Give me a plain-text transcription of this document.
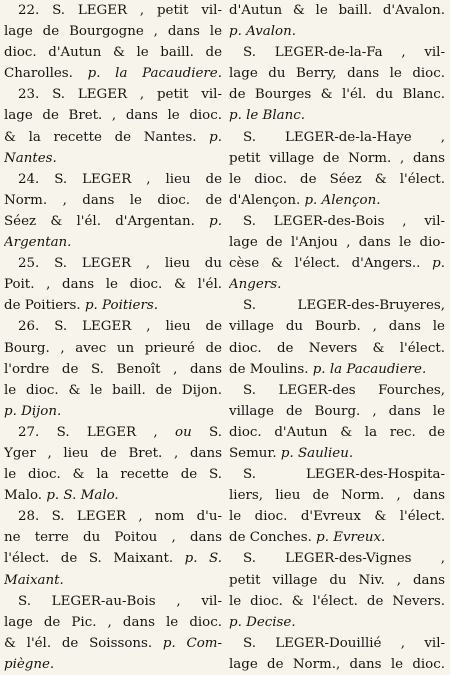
22. S. LEGER , petit vil-
lage de Bourgogne , dans le
dioc. d'Autun & le baill. de
Charolles. p. la Pacaudiere.
23. S. LEGER , petit vil-
lage de Bret. , dans le dioc.
& la recette de Nantes. p.
Nantes.
24. S. LEGER , lieu de
Norm. , dans le dioc. de
Séez & l'él. d'Argentan. p.
Argentan.
25. S. LEGER , lieu du
Poit. , dans le dioc. & l'él.
de Poitiers. p. Poitiers.
26. S. LEGER , lieu de
Bourg. , avec un prieuré de
l'ordre de S. Benoît , dans
le dioc. & le baill. de Dijon.
p. Dijon.
27. S. LEGER , ou S.
Yger , lieu de Bret. , dans
le dioc. & la recette de S.
Malo. p. S. Malo.
28. S. LEGER , nom d'u-
ne terre du Poitou , dans
l'élect. de S. Maixant. p. S.
Maixant.
S. LEGER-au-Bois , vil-
lage de Pic. , dans le dioc.
& l'él. de Soissons. p. Com-
piègne.
d'Autun & le baill. d'Avalon.
p. Avalon.
S. LEGER-de-la-Fa , vil-
lage du Berry, dans le dioc.
de Bourges & l'él. du Blanc.
p. le Blanc.
S. LEGER-de-la-Haye ,
petit village de Norm. , dans
le dioc. de Séez & l'élect.
d'Alençon. p. Alençon.
S. LEGER-des-Bois , vil-
lage de l'Anjou , dans le dio-
cèse & l'élect. d'Angers.. p.
Angers.
S. LEGER-des-Bruyeres,
village du Bourb. , dans le
dioc. de Nevers & l'élect.
de Moulins. p. la Pacaudiere.
S. LEGER-des Fourches,
village de Bourg. , dans le
dioc. d'Autun & la rec. de
Semur. p. Saulieu.
S. LEGER-des-Hospita-
liers, lieu de Norm. , dans
le dioc. d'Evreux & l'élect.
de Conches. p. Evreux.
S. LEGER-des-Vignes ,
petit village du Niv. , dans
le dioc. & l'élect. de Nevers.
p. Decise.
S. LEGER-Douillié , vil-
lage de Norm., dans le dioc.
